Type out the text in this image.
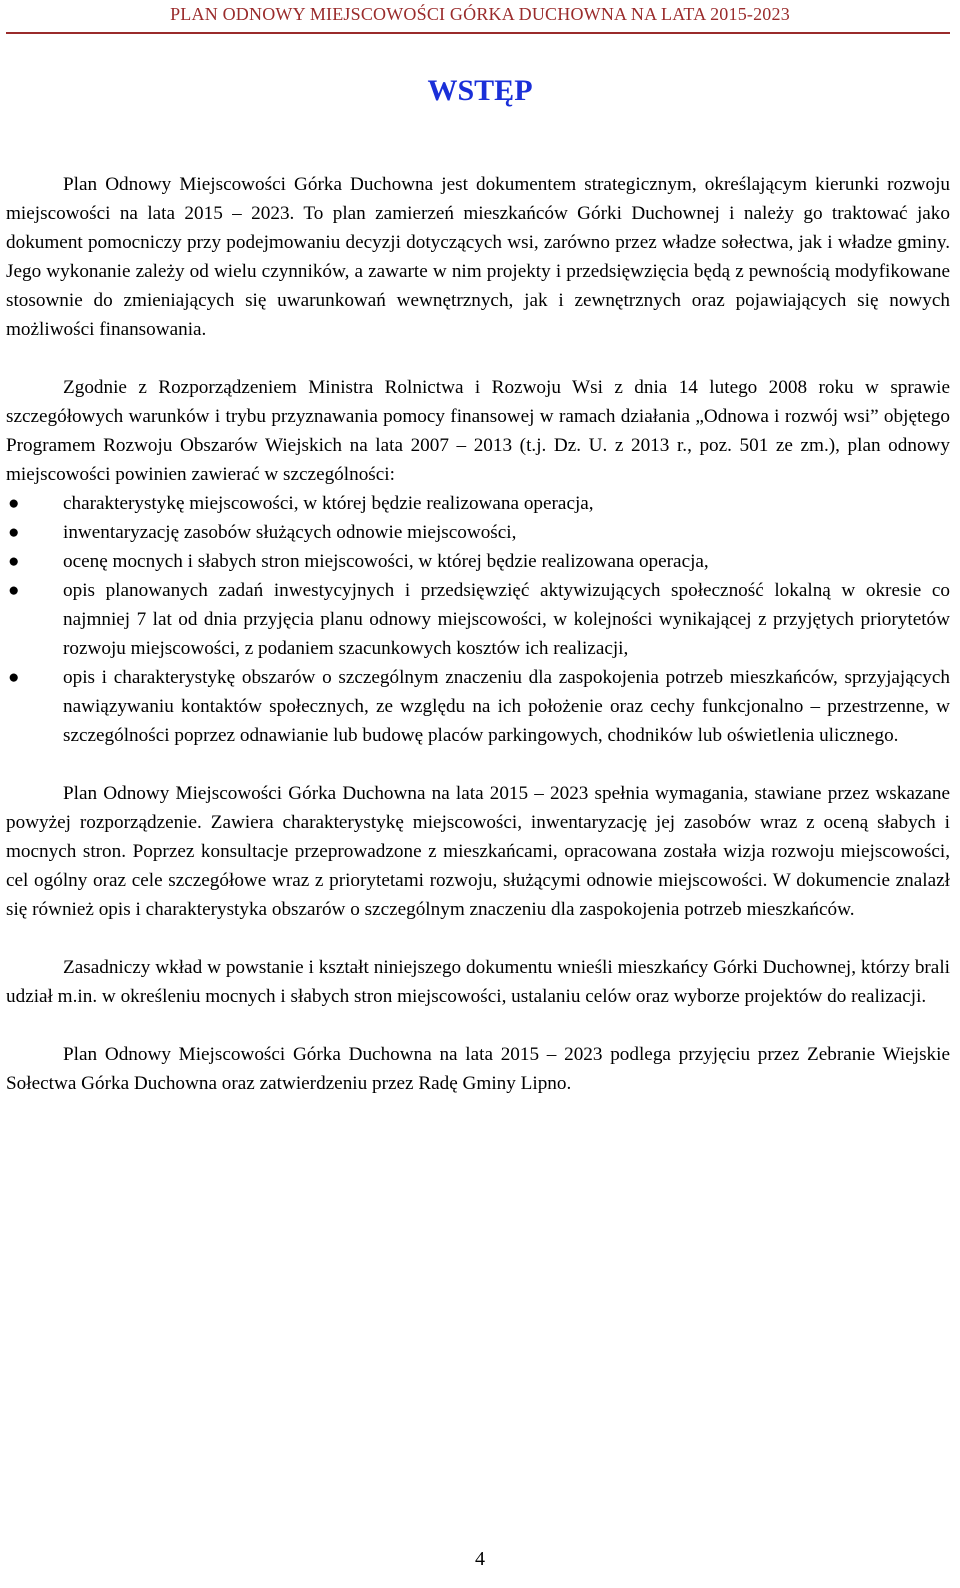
PLAN ODNOWY MIEJSCOWOŚCI GÓRKA DUCHOWNA NA LATA 2015-2023
WSTĘP

Plan Odnowy Miejscowości Górka Duchowna jest dokumentem strategicznym, określającym kierunki rozwoju miejscowości na lata 2015 – 2023. To plan zamierzeń mieszkańców Górki Duchownej i należy go traktować jako dokument pomocniczy przy podejmowaniu decyzji dotyczących wsi, zarówno przez władze sołectwa, jak i władze gminy. Jego wykonanie zależy od wielu czynników, a zawarte w nim projekty i przedsięwzięcia będą z pewnością modyfikowane stosownie do zmieniających się uwarunkowań wewnętrznych, jak i zewnętrznych oraz pojawiających się nowych możliwości finansowania.

Zgodnie z Rozporządzeniem Ministra Rolnictwa i Rozwoju Wsi z dnia 14 lutego 2008 roku w sprawie szczegółowych warunków i trybu przyznawania pomocy finansowej w ramach działania „Odnowa i rozwój wsi” objętego Programem Rozwoju Obszarów Wiejskich na lata 2007 – 2013 (t.j. Dz. U. z 2013 r., poz. 501 ze zm.), plan odnowy miejscowości powinien zawierać w szczególności:

● charakterystykę miejscowości, w której będzie realizowana operacja,
● inwentaryzację zasobów służących odnowie miejscowości,
● ocenę mocnych i słabych stron miejscowości, w której będzie realizowana operacja,
● opis planowanych zadań inwestycyjnych i przedsięwzięć aktywizujących społeczność lokalną w okresie co najmniej 7 lat od dnia przyjęcia planu odnowy miejscowości, w kolejności wynikającej z przyjętych priorytetów rozwoju miejscowości, z podaniem szacunkowych kosztów ich realizacji,
● opis i charakterystykę obszarów o szczególnym znaczeniu dla zaspokojenia potrzeb mieszkańców, sprzyjających nawiązywaniu kontaktów społecznych, ze względu na ich położenie oraz cechy funkcjonalno – przestrzenne, w szczególności poprzez odnawianie lub budowę placów parkingowych, chodników lub oświetlenia ulicznego.

Plan Odnowy Miejscowości Górka Duchowna na lata 2015 – 2023 spełnia wymagania, stawiane przez wskazane powyżej rozporządzenie. Zawiera charakterystykę miejscowości, inwentaryzację jej zasobów wraz z oceną słabych i mocnych stron. Poprzez konsultacje przeprowadzone z mieszkańcami, opracowana została wizja rozwoju miejscowości, cel ogólny oraz cele szczegółowe wraz z priorytetami rozwoju, służącymi odnowie miejscowości. W dokumencie znalazł się również opis i charakterystyka obszarów o szczególnym znaczeniu dla zaspokojenia potrzeb mieszkańców.

Zasadniczy wkład w powstanie i kształt niniejszego dokumentu wnieśli mieszkańcy Górki Duchownej, którzy brali udział m.in. w określeniu mocnych i słabych stron miejscowości, ustalaniu celów oraz wyborze projektów do realizacji.

Plan Odnowy Miejscowości Górka Duchowna na lata 2015 – 2023 podlega przyjęciu przez Zebranie Wiejskie Sołectwa Górka Duchowna oraz zatwierdzeniu przez Radę Gminy Lipno.

4
